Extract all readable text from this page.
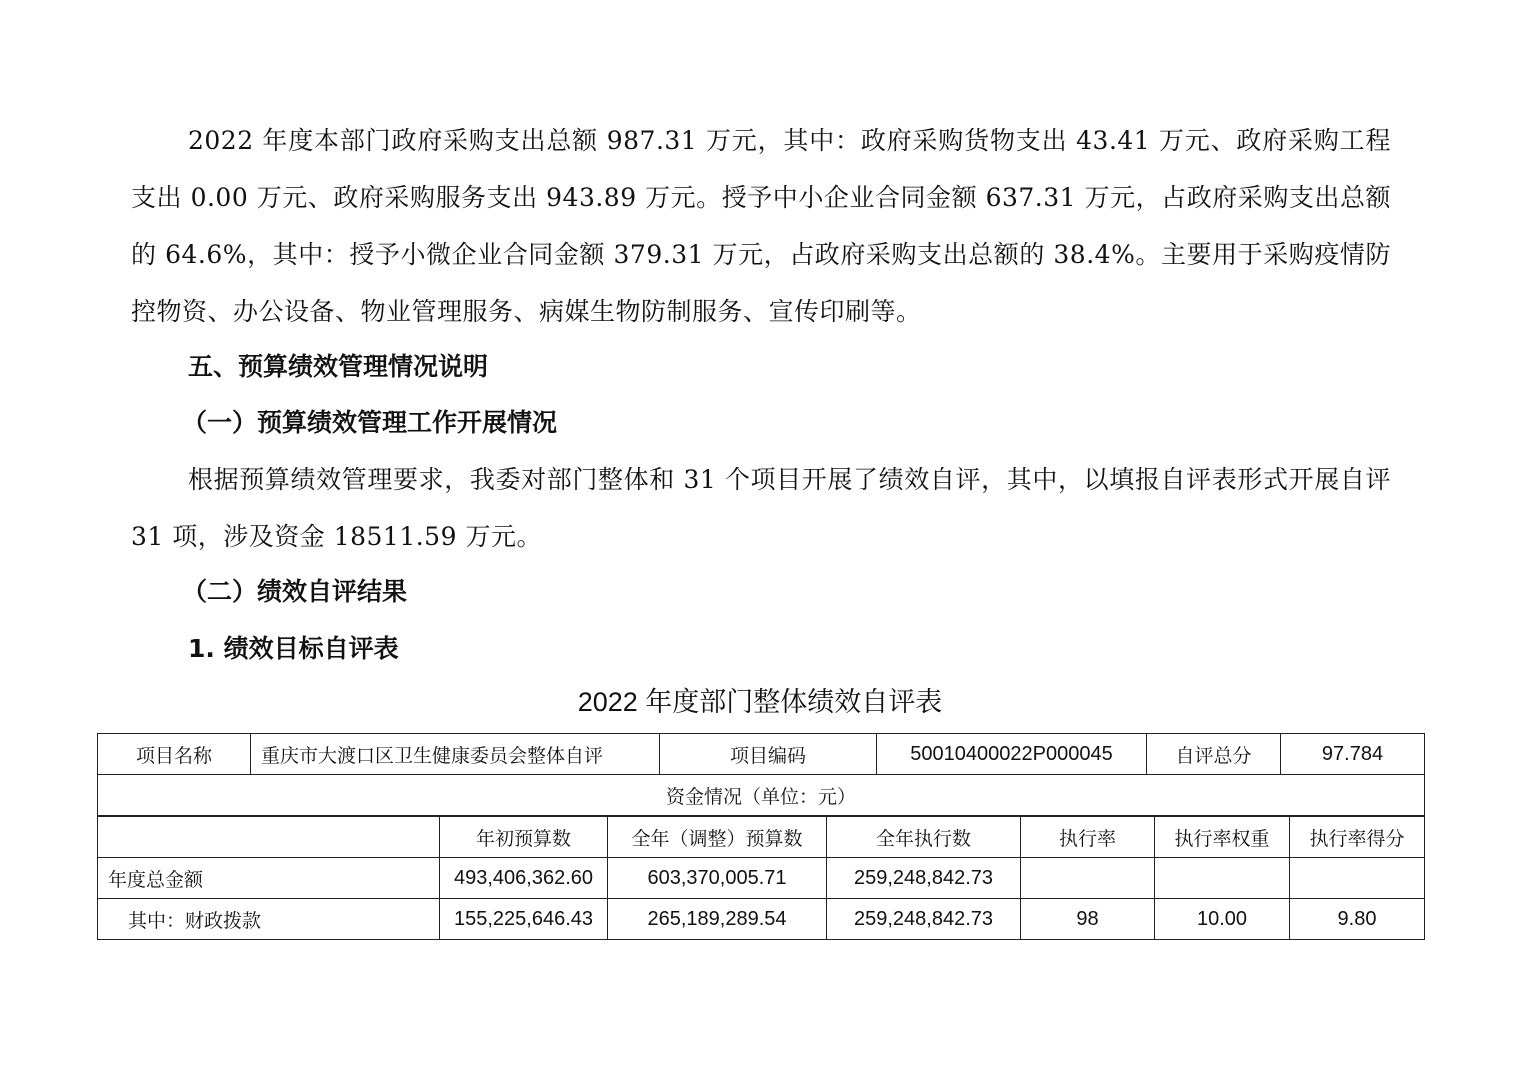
2022 年度本部门政府采购支出总额 987.31 万元，其中：政府采购货物支出 43.41 万元、政府采购工程支出 0.00 万元、政府采购服务支出 943.89 万元。授予中小企业合同金额 637.31 万元，占政府采购支出总额的 64.6%，其中：授予小微企业合同金额 379.31 万元，占政府采购支出总额的 38.4%。主要用于采购疫情防控物资、办公设备、物业管理服务、病媒生物防制服务、宣传印刷等。

五、预算绩效管理情况说明
（一）预算绩效管理工作开展情况

根据预算绩效管理要求，我委对部门整体和 31 个项目开展了绩效自评，其中，以填报自评表形式开展自评 31 项，涉及资金 18511.59 万元。

（二）绩效自评结果
1. 绩效目标自评表

2022 年度部门整体绩效自评表

项目名称	重庆市大渡口区卫生健康委员会整体自评	项目编码	50010400022P000045	自评总分	97.784
资金情况（单位：元）
	年初预算数	全年（调整）预算数	全年执行数	执行率	执行率权重	执行率得分
年度总金额	493,406,362.60	603,370,005.71	259,248,842.73			
其中：财政拨款	155,225,646.43	265,189,289.54	259,248,842.73	98	10.00	9.80
